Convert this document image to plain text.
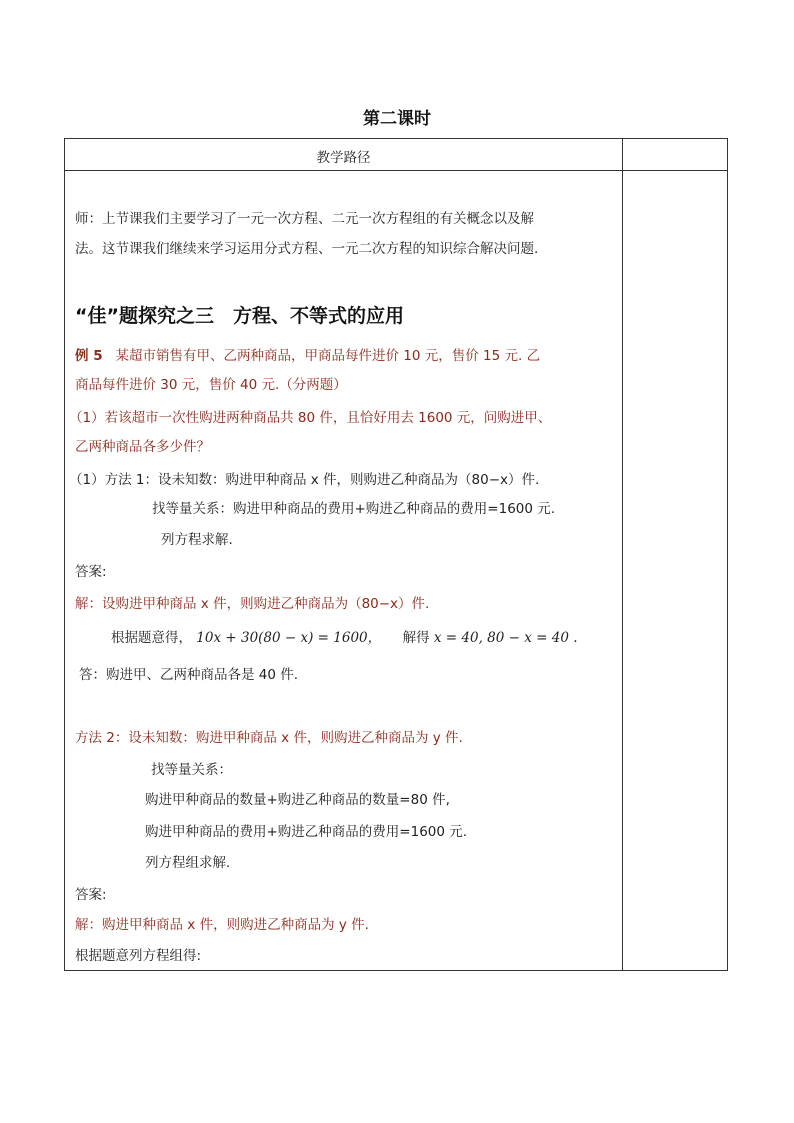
第二课时
教学路径
师：上节课我们主要学习了一元一次方程、二元一次方程组的有关概念以及解
法。这节课我们继续来学习运用分式方程、一元二次方程的知识综合解决问题.
“佳”题探究之三　方程、不等式的应用
例 5 某超市销售有甲、乙两种商品，甲商品每件进价 10 元，售价 15 元. 乙
商品每件进价 30 元，售价 40 元.（分两题）
（1）若该超市一次性购进两种商品共 80 件，且恰好用去 1600 元，问购进甲、
乙两种商品各多少件？
（1）方法 1：设未知数：购进甲种商品 x 件，则购进乙种商品为（80−x）件.
找等量关系：购进甲种商品的费用+购进乙种商品的费用=1600 元.
列方程求解.
答案:
解：设购进甲种商品 x 件，则购进乙种商品为（80−x）件.
根据题意得， 10x + 30(80 − x) = 1600， 解得 x = 40, 80 − x = 40 .
答：购进甲、乙两种商品各是 40 件.
方法 2：设未知数：购进甲种商品 x 件，则购进乙种商品为 y 件.
找等量关系：
购进甲种商品的数量+购进乙种商品的数量=80 件,
购进甲种商品的费用+购进乙种商品的费用=1600 元.
列方程组求解.
答案:
解：购进甲种商品 x 件，则购进乙种商品为 y 件.
根据题意列方程组得:
